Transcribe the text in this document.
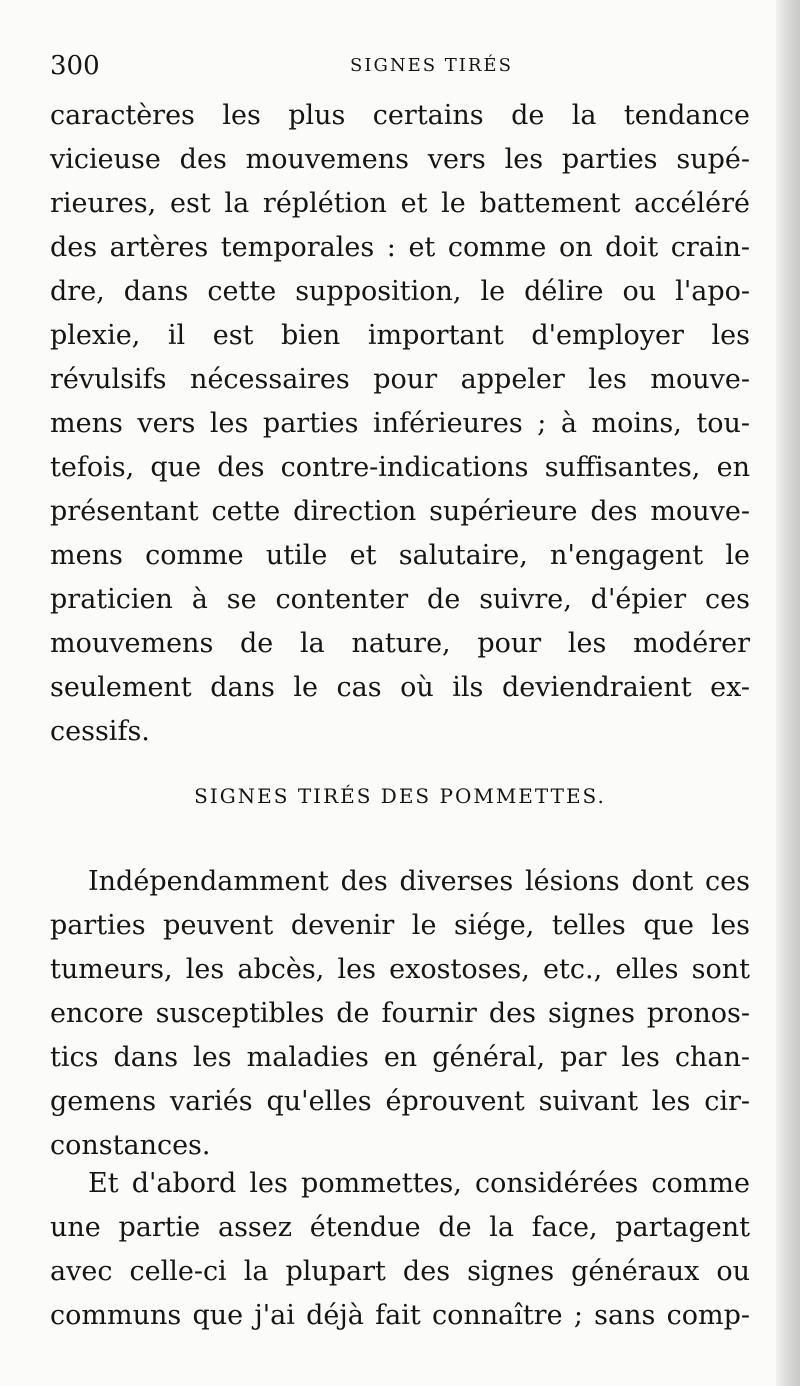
300	SIGNES TIRÉS
caractères les plus certains de la tendance
vicieuse des mouvemens vers les parties supé-
rieures, est la réplétion et le battement accéléré
des artères temporales : et comme on doit crain-
dre, dans cette supposition, le délire ou l'apo-
plexie, il est bien important d'employer les
révulsifs nécessaires pour appeler les mouve-
mens vers les parties inférieures ; à moins, tou-
tefois, que des contre-indications suffisantes, en
présentant cette direction supérieure des mouve-
mens comme utile et salutaire, n'engagent le
praticien à se contenter de suivre, d'épier ces
mouvemens de la nature, pour les modérer
seulement dans le cas où ils deviendraient ex-
cessifs.
SIGNES TIRÉS DES POMMETTES.
Indépendamment des diverses lésions dont ces
parties peuvent devenir le siége, telles que les
tumeurs, les abcès, les exostoses, etc., elles sont
encore susceptibles de fournir des signes pronos-
tics dans les maladies en général, par les chan-
gemens variés qu'elles éprouvent suivant les cir-
constances.
Et d'abord les pommettes, considérées comme
une partie assez étendue de la face, partagent
avec celle-ci la plupart des signes généraux ou
communs que j'ai déjà fait connaître ; sans comp-
